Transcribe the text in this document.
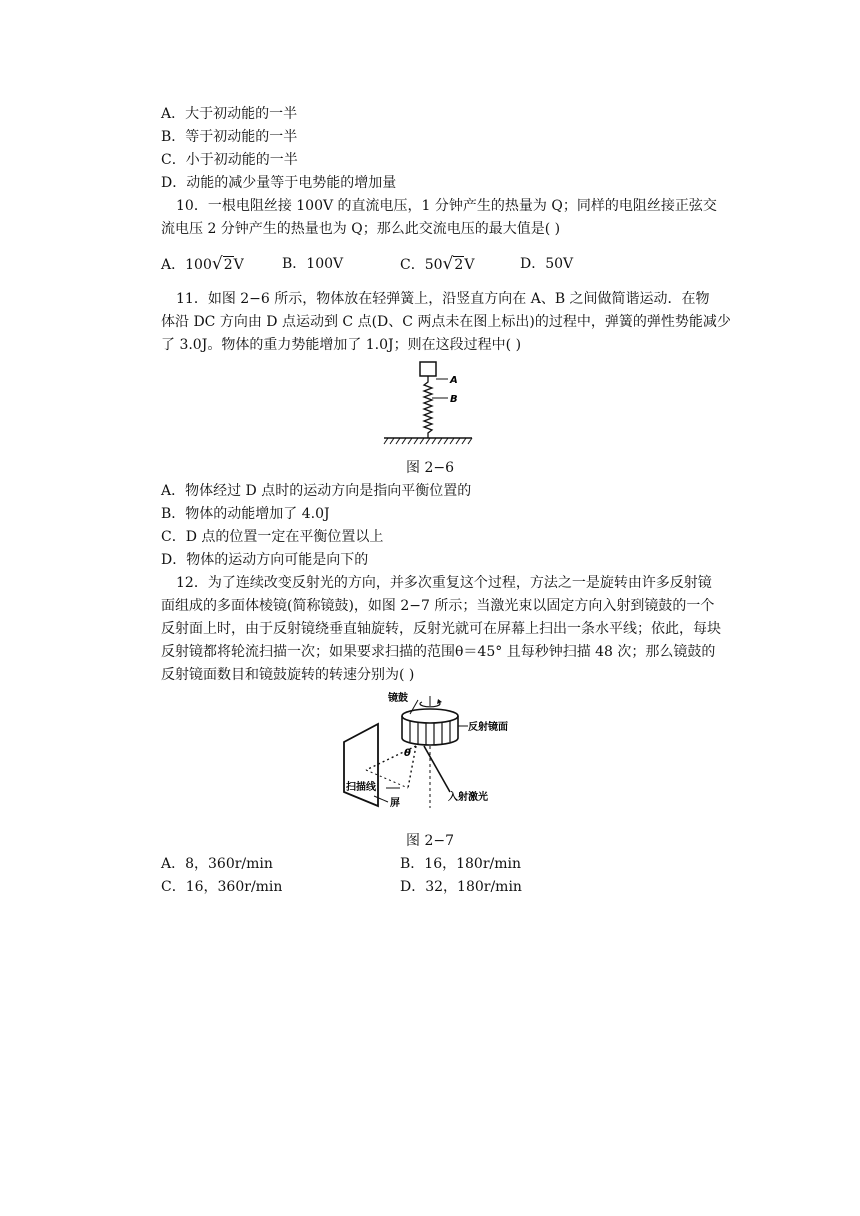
A．大于初动能的一半
B．等于初动能的一半
C．小于初动能的一半
D．动能的减少量等于电势能的增加量
10．一根电阻丝接 100V 的直流电压，1 分钟产生的热量为 Q；同样的电阻丝接正弦交
流电压 2 分钟产生的热量也为 Q；那么此交流电压的最大值是( )
A．100√2V	B．100V	C．50√2V	D．50V
11．如图 2−6 所示，物体放在轻弹簧上，沿竖直方向在 A、B 之间做简谐运动．在物
体沿 DC 方向由 D 点运动到 C 点(D、C 两点未在图上标出)的过程中，弹簧的弹性势能减少
了 3.0J。物体的重力势能增加了 1.0J；则在这段过程中( )
A
B
图 2−6
A．物体经过 D 点时的运动方向是指向平衡位置的
B．物体的动能增加了 4.0J
C．D 点的位置一定在平衡位置以上
D．物体的运动方向可能是向下的
12．为了连续改变反射光的方向，并多次重复这个过程，方法之一是旋转由许多反射镜
面组成的多面体棱镜(简称镜鼓)，如图 2−7 所示；当激光束以固定方向入射到镜鼓的一个
反射面上时，由于反射镜绕垂直轴旋转，反射光就可在屏幕上扫出一条水平线；依此，每块
反射镜都将轮流扫描一次；如果要求扫描的范围θ＝45° 且每秒钟扫描 48 次；那么镜鼓的
反射镜面数目和镜鼓旋转的转速分别为( )
镜鼓
反射镜面
θ
扫描线
屏
入射激光
图 2−7
A．8，360r/min	B．16，180r/min
C．16，360r/min	D．32，180r/min
